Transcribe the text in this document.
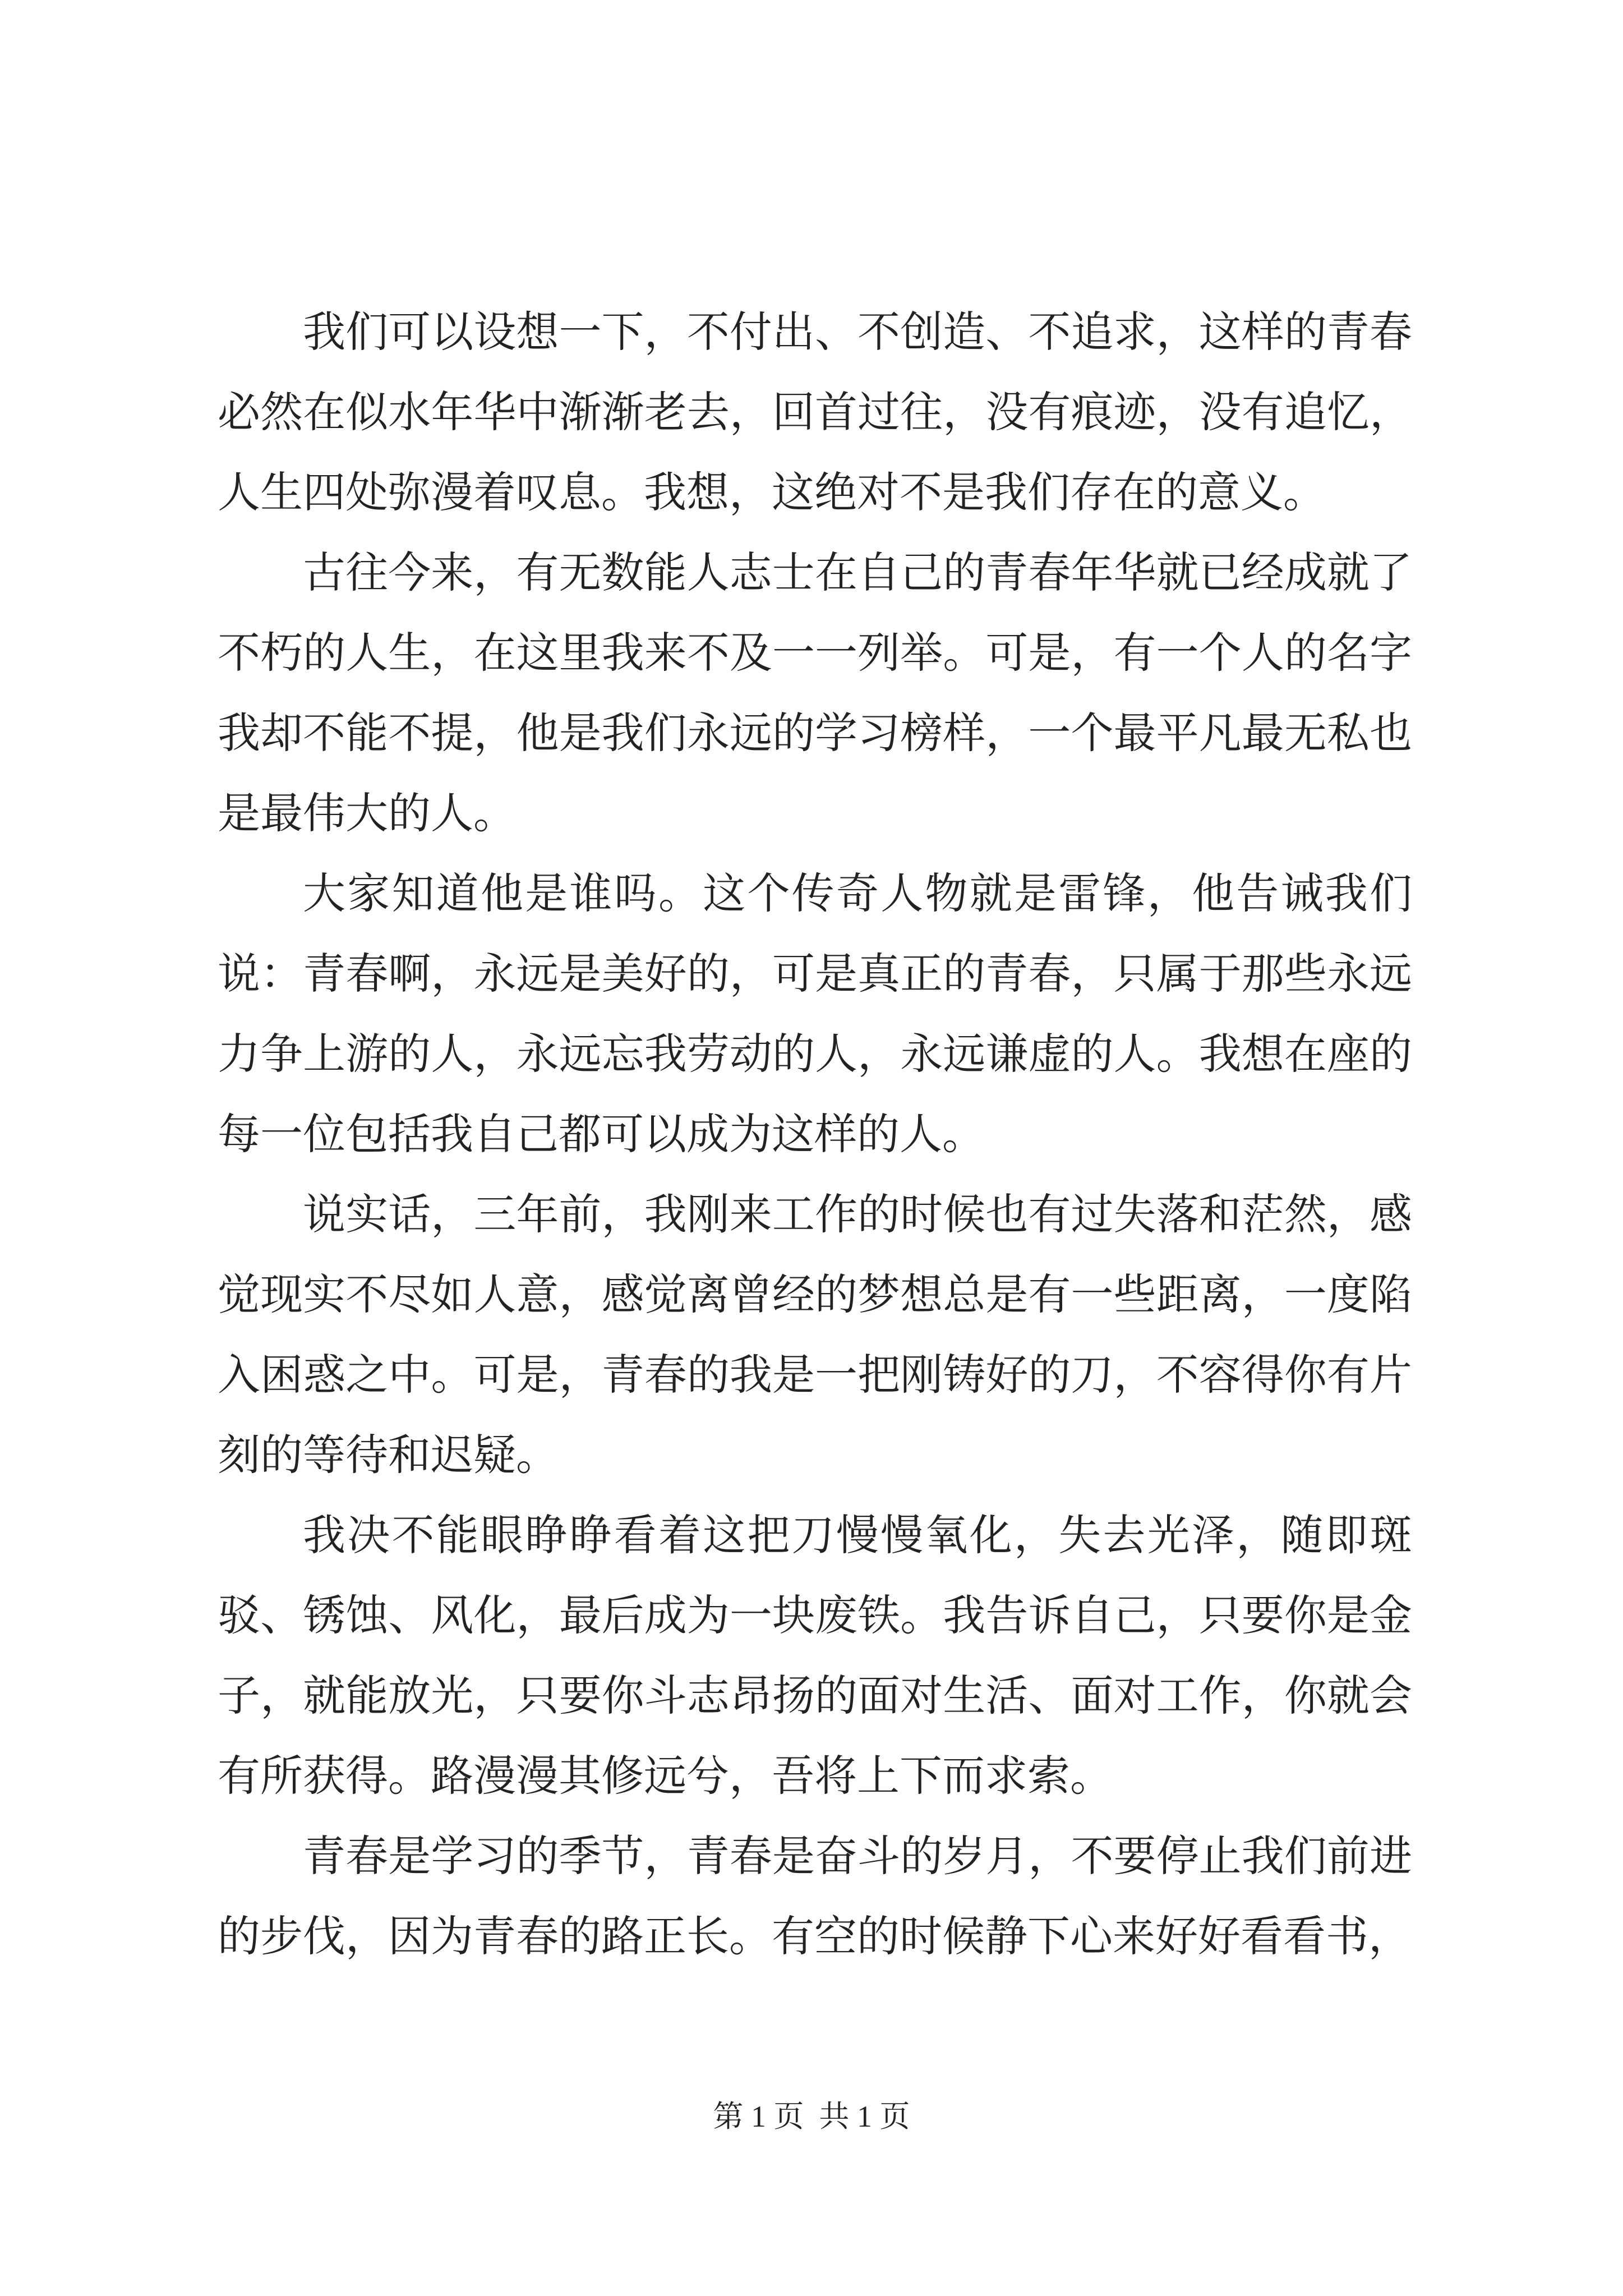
我们可以设想一下，不付出、不创造、不追求，这样的青春必然在似水年华中渐渐老去，回首过往，没有痕迹，没有追忆，人生四处弥漫着叹息。我想，这绝对不是我们存在的意义。

古往今来，有无数能人志士在自己的青春年华就已经成就了不朽的人生，在这里我来不及一一列举。可是，有一个人的名字我却不能不提，他是我们永远的学习榜样，一个最平凡最无私也是最伟大的人。

大家知道他是谁吗。这个传奇人物就是雷锋，他告诫我们说：青春啊，永远是美好的，可是真正的青春，只属于那些永远力争上游的人，永远忘我劳动的人，永远谦虚的人。我想在座的每一位包括我自己都可以成为这样的人。

说实话，三年前，我刚来工作的时候也有过失落和茫然，感觉现实不尽如人意，感觉离曾经的梦想总是有一些距离，一度陷入困惑之中。可是，青春的我是一把刚铸好的刀，不容得你有片刻的等待和迟疑。

我决不能眼睁睁看着这把刀慢慢氧化，失去光泽，随即斑驳、锈蚀、风化，最后成为一块废铁。我告诉自己，只要你是金子，就能放光，只要你斗志昂扬的面对生活、面对工作，你就会有所获得。路漫漫其修远兮，吾将上下而求索。

青春是学习的季节，青春是奋斗的岁月，不要停止我们前进的步伐，因为青春的路正长。有空的时候静下心来好好看看书，

第 1 页  共 1 页
